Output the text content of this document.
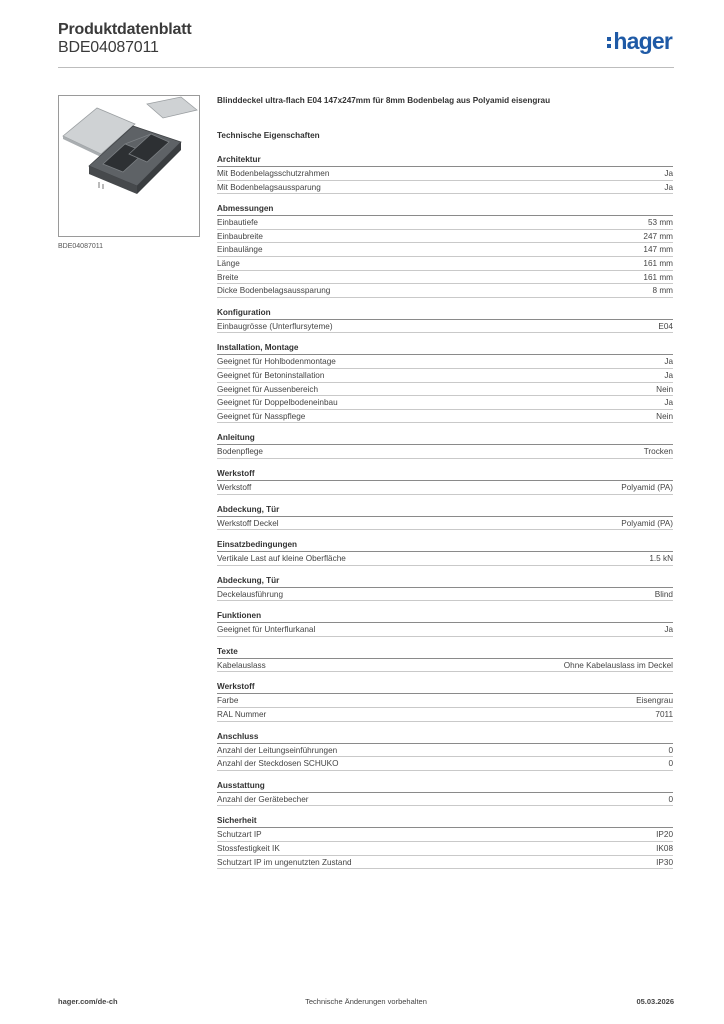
Produktdatenblatt
BDE04087011	hager
BDE04087011
Blinddeckel ultra-flach E04 147x247mm für 8mm Bodenbelag aus Polyamid eisengrau
Technische Eigenschaften
Architektur
Mit Bodenbelagsschutzrahmen	Ja
Mit Bodenbelagsaussparung	Ja
Abmessungen
Einbautiefe	53 mm
Einbaubreite	247 mm
Einbaulänge	147 mm
Länge	161 mm
Breite	161 mm
Dicke Bodenbelagsaussparung	8 mm
Konfiguration
Einbaugrösse (Unterflursyteme)	E04
Installation, Montage
Geeignet für Hohlbodenmontage	Ja
Geeignet für Betoninstallation	Ja
Geeignet für Aussenbereich	Nein
Geeignet für Doppelbodeneinbau	Ja
Geeignet für Nasspflege	Nein
Anleitung
Bodenpflege	Trocken
Werkstoff
Werkstoff	Polyamid (PA)
Abdeckung, Tür
Werkstoff Deckel	Polyamid (PA)
Einsatzbedingungen
Vertikale Last auf kleine Oberfläche	1.5 kN
Abdeckung, Tür
Deckelausführung	Blind
Funktionen
Geeignet für Unterflurkanal	Ja
Texte
Kabelauslass	Ohne Kabelauslass im Deckel
Werkstoff
Farbe	Eisengrau
RAL Nummer	7011
Anschluss
Anzahl der Leitungseinführungen	0
Anzahl der Steckdosen SCHUKO	0
Ausstattung
Anzahl der Gerätebecher	0
Sicherheit
Schutzart IP	IP20
Stossfestigkeit IK	IK08
Schutzart IP im ungenutzten Zustand	IP30
hager.com/de-ch	Technische Änderungen vorbehalten	05.03.2026
